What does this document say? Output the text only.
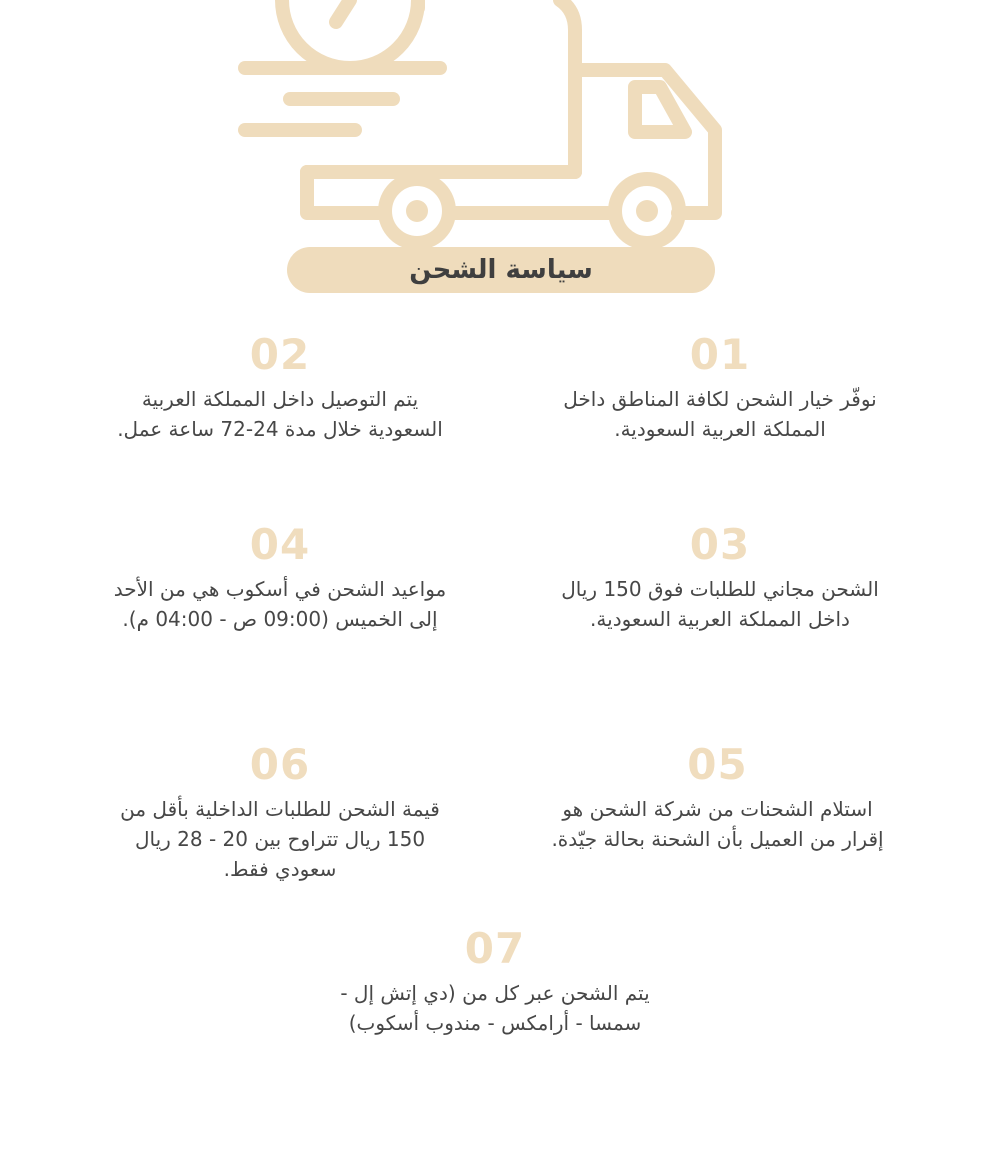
سياسة الشحن
01
نوفّر خيار الشحن لكافة المناطق داخل المملكة العربية السعودية.
02
يتم التوصيل داخل المملكة العربية السعودية خلال مدة 24-72 ساعة عمل.
03
الشحن مجاني للطلبات فوق 150 ريال داخل المملكة العربية السعودية.
04
مواعيد الشحن في أسكوب هي من الأحد إلى الخميس (09:00 ص - 04:00 م).
05
استلام الشحنات من شركة الشحن هو إقرار من العميل بأن الشحنة بحالة جيّدة.
06
قيمة الشحن للطلبات الداخلية بأقل من 150 ريال تتراوح بين 20 - 28 ريال سعودي فقط.
07
يتم الشحن عبر كل من (دي إتش إل - سمسا - أرامكس - مندوب أسكوب)
